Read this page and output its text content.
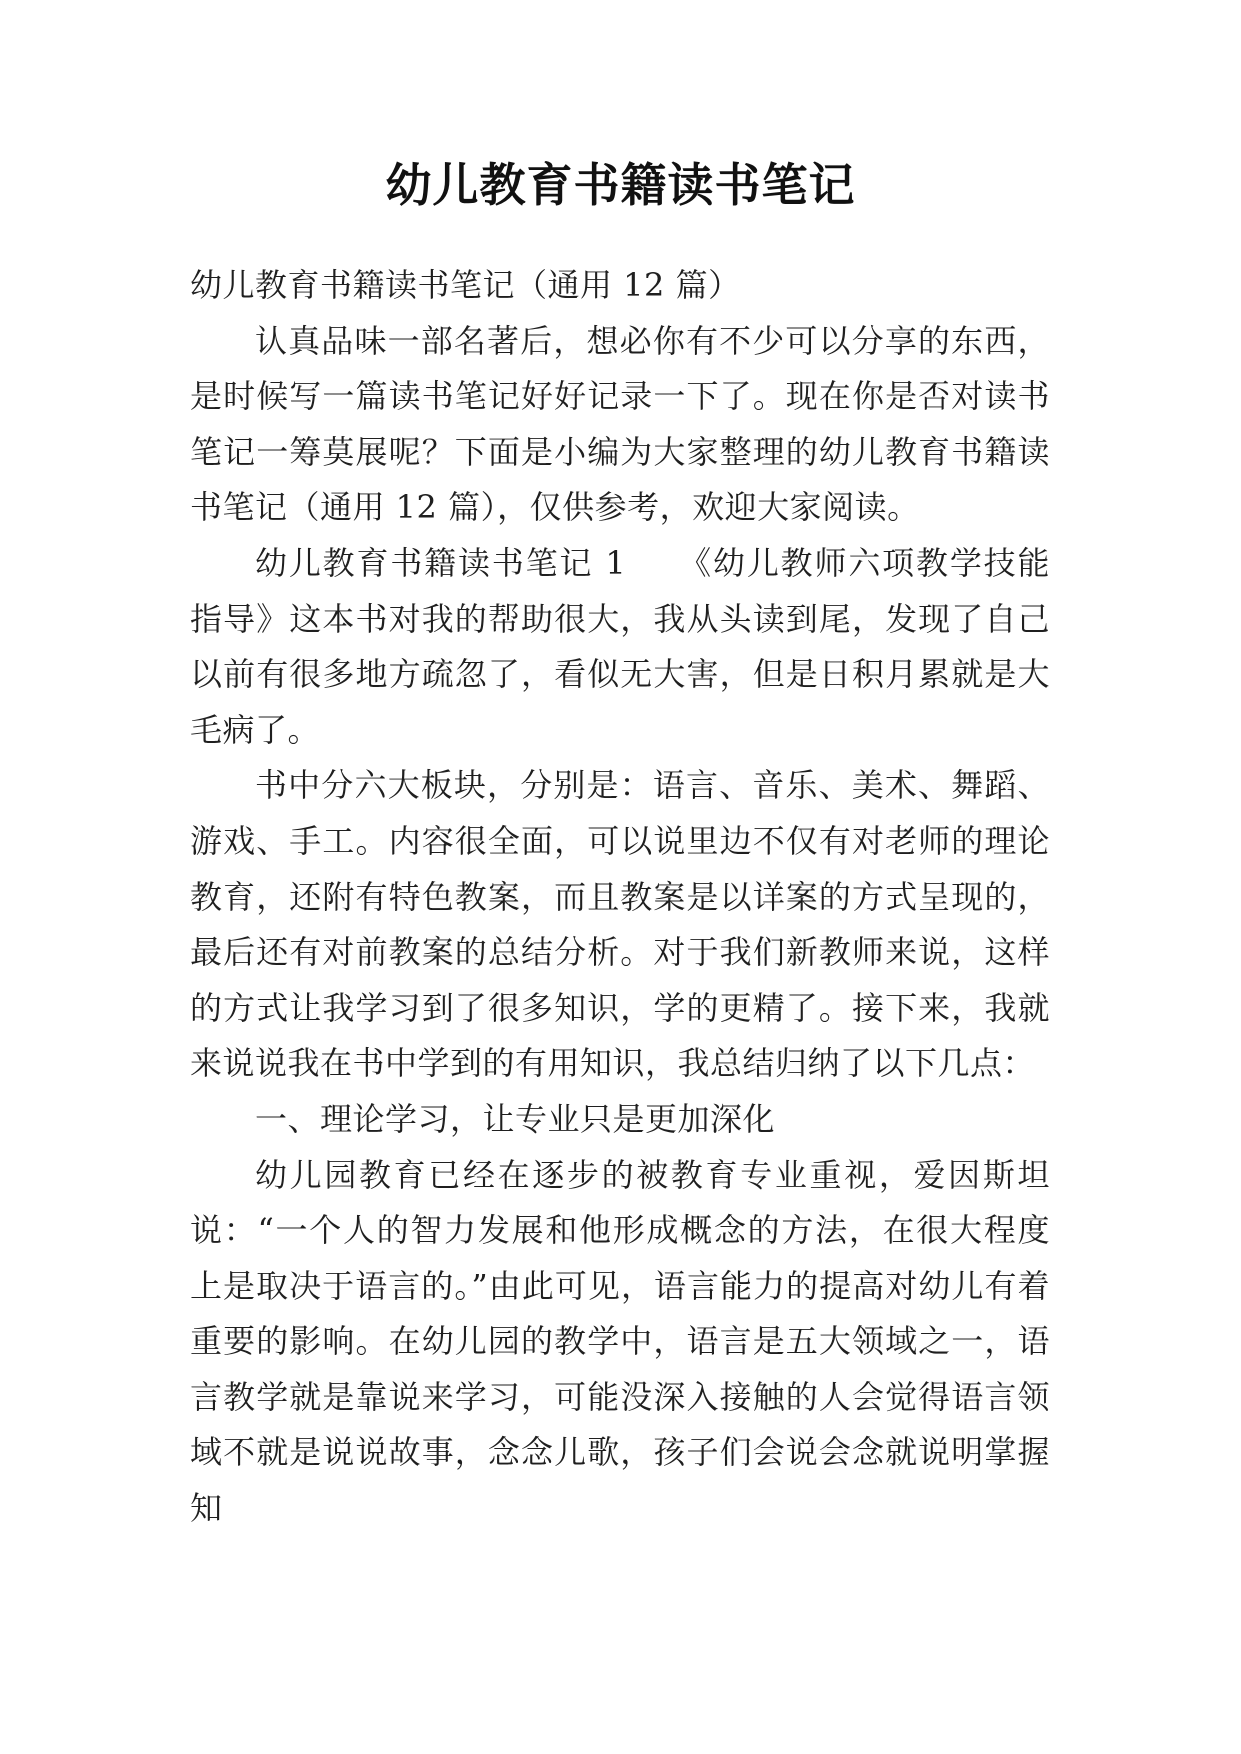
幼儿教育书籍读书笔记

幼儿教育书籍读书笔记（通用 12 篇）

认真品味一部名著后，想必你有不少可以分享的东西，是时候写一篇读书笔记好好记录一下了。现在你是否对读书笔记一筹莫展呢？下面是小编为大家整理的幼儿教育书籍读书笔记（通用 12 篇），仅供参考，欢迎大家阅读。

幼儿教育书籍读书笔记 1　　《幼儿教师六项教学技能指导》这本书对我的帮助很大，我从头读到尾，发现了自己以前有很多地方疏忽了，看似无大害，但是日积月累就是大毛病了。

书中分六大板块，分别是：语言、音乐、美术、舞蹈、游戏、手工。内容很全面，可以说里边不仅有对老师的理论教育，还附有特色教案，而且教案是以详案的方式呈现的，最后还有对前教案的总结分析。对于我们新教师来说，这样的方式让我学习到了很多知识，学的更精了。接下来，我就来说说我在书中学到的有用知识，我总结归纳了以下几点：

一、理论学习，让专业只是更加深化

幼儿园教育已经在逐步的被教育专业重视，爱因斯坦说：“一个人的智力发展和他形成概念的方法，在很大程度上是取决于语言的。”由此可见，语言能力的提高对幼儿有着重要的影响。在幼儿园的教学中，语言是五大领域之一，语言教学就是靠说来学习，可能没深入接触的人会觉得语言领域不就是说说故事，念念儿歌，孩子们会说会念就说明掌握知
